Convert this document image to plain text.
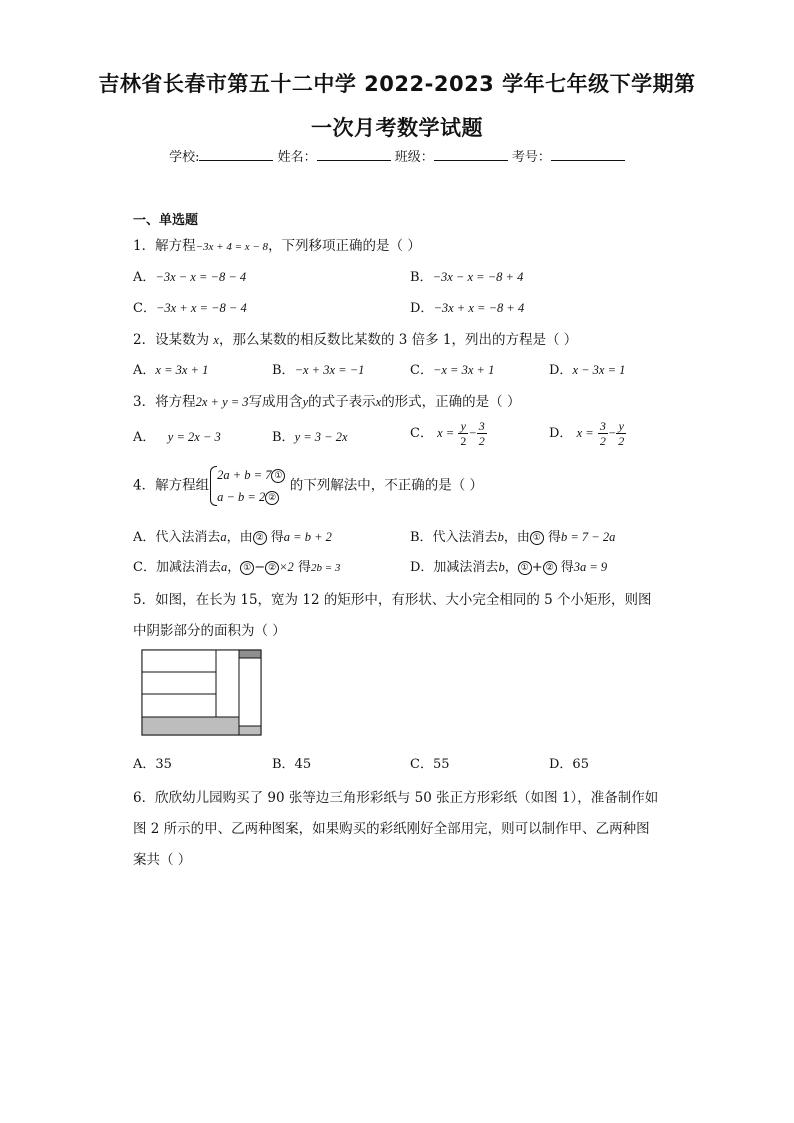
吉林省长春市第五十二中学 2022-2023 学年七年级下学期第
一次月考数学试题
学校:	姓名：	班级：	考号：
一、单选题
1．解方程−3x + 4 = x − 8，下列移项正确的是（ ）
A．−3x − x = −8 − 4	B．−3x − x = −8 + 4
C．−3x + x = −8 − 4	D．−3x + x = −8 + 4
2．设某数为 x，那么某数的相反数比某数的 3 倍多 1，列出的方程是（ ）
A．x = 3x + 1	B．−x + 3x = −1	C．−x = 3x + 1	D．x − 3x = 1
3．将方程2x + y = 3写成用含y的式子表示x的形式，正确的是（ ）
A． y = 2x − 3	B．y = 3 − 2x	C． $x = \frac{y}{2} - \frac{3}{2}$	D． $x = \frac{3}{2} - \frac{y}{2}$
4．解方程组
2a + b = 7 ①
a − b = 2 ②
的下列解法中，不正确的是（ ）
A．代入法消去a，由 ② 得a = b + 2	B．代入法消去b，由 ① 得b = 7 − 2a
C．加减法消去a， ① − ② ×2 得2b = 3	D．加减法消去b， ① + ② 得3a = 9
5．如图，在长为 15，宽为 12 的矩形中，有形状、大小完全相同的 5 个小矩形，则图
中阴影部分的面积为（ ）
A．35	B．45	C．55	D．65
6．欣欣幼儿园购买了 90 张等边三角形彩纸与 50 张正方形彩纸（如图 1），准备制作如
图 2 所示的甲、乙两种图案，如果购买的彩纸刚好全部用完，则可以制作甲、乙两种图
案共（ ）
